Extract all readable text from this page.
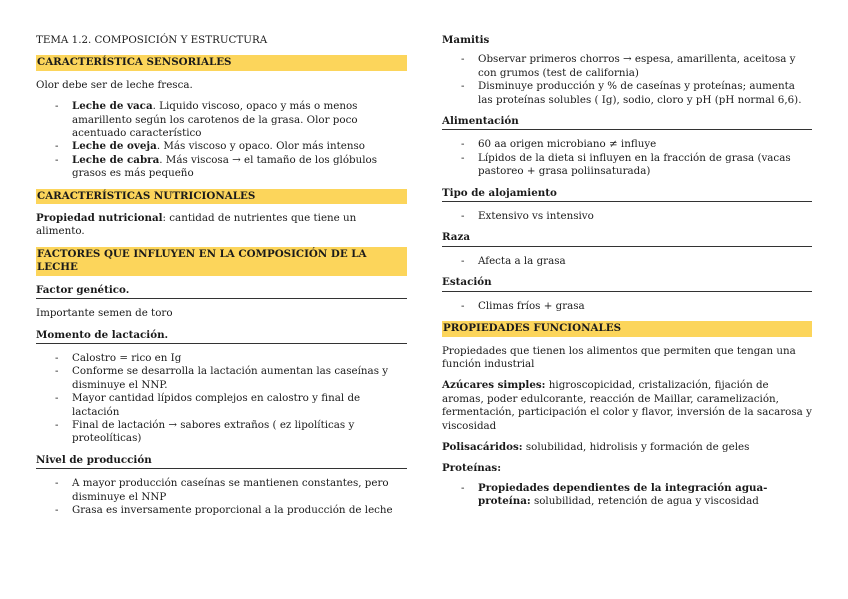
TEMA 1.2. COMPOSICIÓN Y ESTRUCTURA

CARACTERÍSTICA SENSORIALES

Olor debe ser de leche fresca.

- Leche de vaca. Liquido viscoso, opaco y más o menos amarillento según los carotenos de la grasa. Olor poco acentuado característico
- Leche de oveja. Más viscoso y opaco. Olor más intenso
- Leche de cabra. Más viscosa → el tamaño de los glóbulos grasos es más pequeño
CARACTERÍSTICAS NUTRICIONALES

Propiedad nutricional: cantidad de nutrientes que tiene un alimento.

FACTORES QUE INFLUYEN EN LA COMPOSICIÓN DE LA LECHE
Factor genético.

Importante semen de toro

Momento de lactación.
- Calostro = rico en Ig
- Conforme se desarrolla la lactación aumentan las caseínas y disminuye el NNP.
- Mayor cantidad lípidos complejos en calostro y final de lactación
- Final de lactación → sabores extraños ( ez lipolíticas y proteolíticas)
Nivel de producción
- A mayor producción caseínas se mantienen constantes, pero disminuye el NNP
- Grasa es inversamente proporcional a la producción de leche
Mamitis
- Observar primeros chorros → espesa, amarillenta, aceitosa y con grumos (test de california)
- Disminuye producción y % de caseínas y proteínas; aumenta las proteínas solubles ( Ig), sodio, cloro y pH (pH normal 6,6).
Alimentación
- 60 aa origen microbiano ≠ influye
- Lípidos de la dieta si influyen en la fracción de grasa (vacas pastoreo + grasa poliinsaturada)
Tipo de alojamiento
- Extensivo vs intensivo
Raza
- Afecta a la grasa
Estación
- Climas fríos + grasa
PROPIEDADES FUNCIONALES

Propiedades que tienen los alimentos que permiten que tengan una función industrial

Azúcares simples: higroscopicidad, cristalización, fijación de aromas, poder edulcorante, reacción de Maillar, caramelización, fermentación, participación el color y flavor, inversión de la sacarosa y viscosidad

Polisacáridos: solubilidad, hidrolisis y formación de geles

Proteínas:
- Propiedades dependientes de la integración agua-proteína: solubilidad, retención de agua y viscosidad
